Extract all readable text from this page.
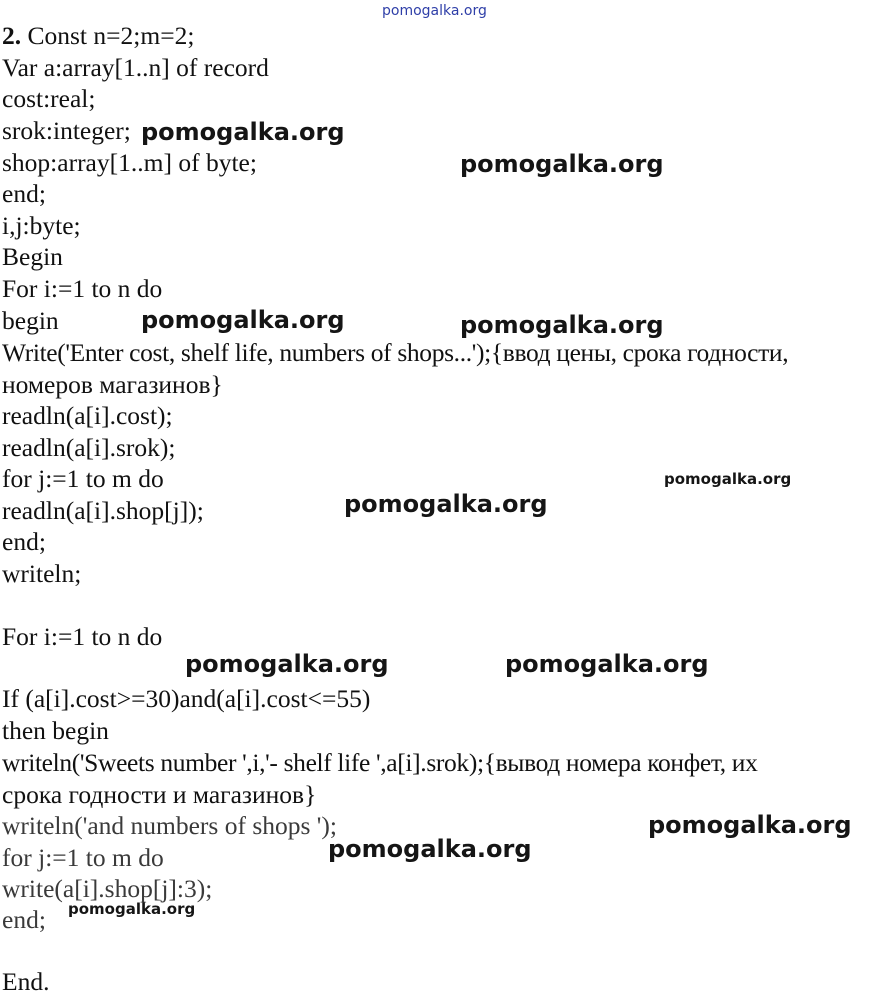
pomogalka.org
2. Const n=2;m=2;
Var a:array[1..n] of record
cost:real;
srok:integer;
shop:array[1..m] of byte;
end;
i,j:byte;
Begin
For i:=1 to n do
begin
Write('Enter cost, shelf life, numbers of shops...');{ввод цены, срока годности,
номеров магазинов}
readln(a[i].cost);
readln(a[i].srok);
for j:=1 to m do
readln(a[i].shop[j]);
end;
writeln;
For i:=1 to n do
If (a[i].cost>=30)and(a[i].cost<=55)
then begin
writeln('Sweets number ',i,'- shelf life ',a[i].srok);{вывод номера конфет, их
срока годности и магазинов}
writeln('and numbers of shops ');
for j:=1 to m do
write(a[i].shop[j]:3);
end;
End.
pomogalka.org
pomogalka.org
pomogalka.org	pomogalka.org
pomogalka.org
pomogalka.org
pomogalka.org	pomogalka.org
pomogalka.org
pomogalka.org
pomogalka.org
